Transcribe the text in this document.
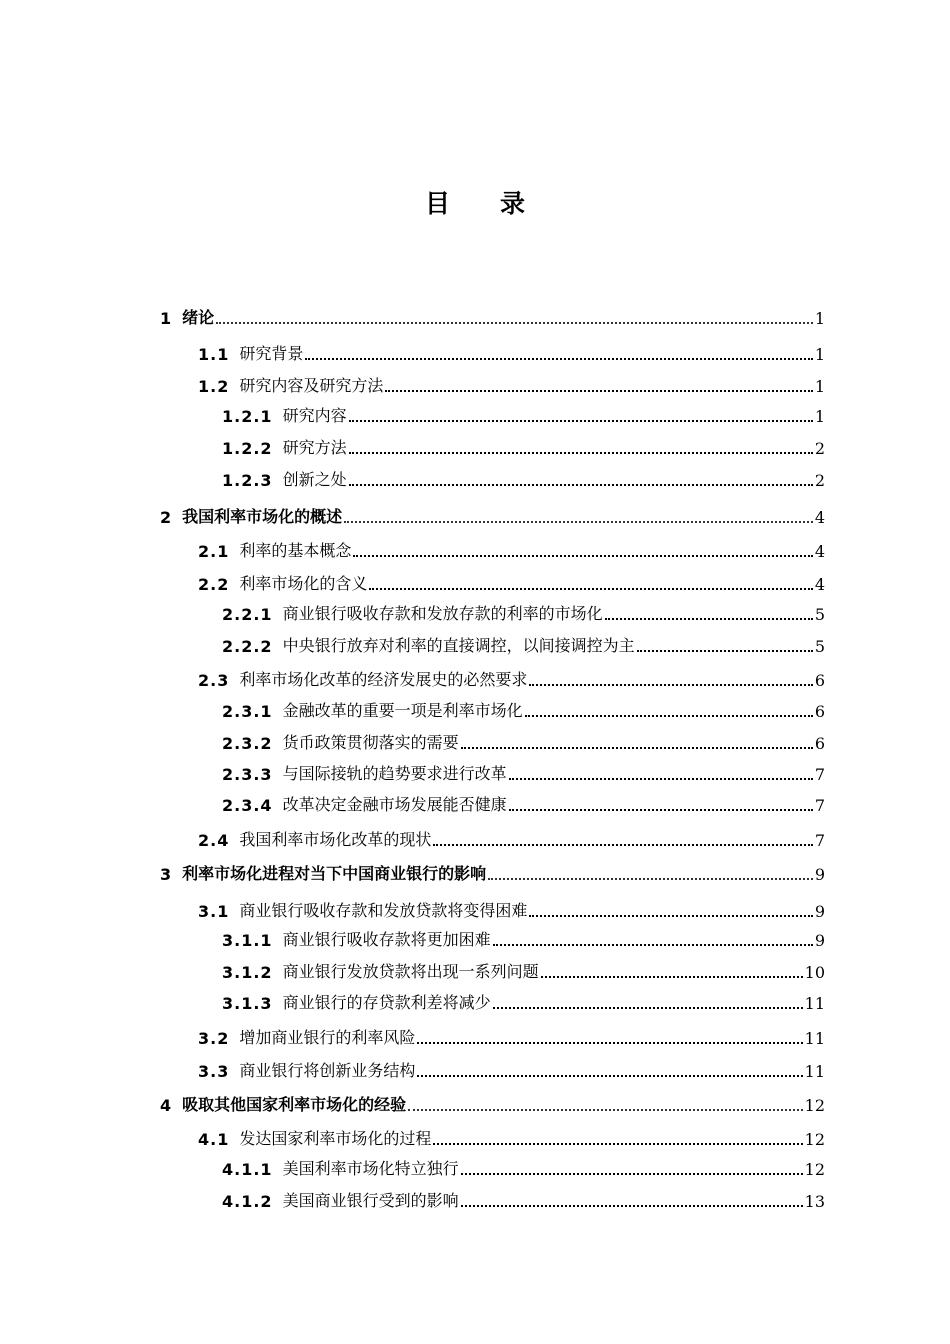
目 录
1 绪论	1
1.1 研究背景	1
1.2 研究内容及研究方法	1
1.2.1 研究内容	1
1.2.2 研究方法	2
1.2.3 创新之处	2
2 我国利率市场化的概述	4
2.1 利率的基本概念	4
2.2 利率市场化的含义	4
2.2.1 商业银行吸收存款和发放存款的利率的市场化	5
2.2.2 中央银行放弃对利率的直接调控，以间接调控为主	5
2.3 利率市场化改革的经济发展史的必然要求	6
2.3.1 金融改革的重要一项是利率市场化	6
2.3.2 货币政策贯彻落实的需要	6
2.3.3 与国际接轨的趋势要求进行改革	7
2.3.4 改革决定金融市场发展能否健康	7
2.4 我国利率市场化改革的现状	7
3 利率市场化进程对当下中国商业银行的影响	9
3.1 商业银行吸收存款和发放贷款将变得困难	9
3.1.1 商业银行吸收存款将更加困难	9
3.1.2 商业银行发放贷款将出现一系列问题	10
3.1.3 商业银行的存贷款利差将减少	11
3.2 增加商业银行的利率风险	11
3.3 商业银行将创新业务结构	11
4 吸取其他国家利率市场化的经验	12
4.1 发达国家利率市场化的过程	12
4.1.1 美国利率市场化特立独行	12
4.1.2 美国商业银行受到的影响	13
